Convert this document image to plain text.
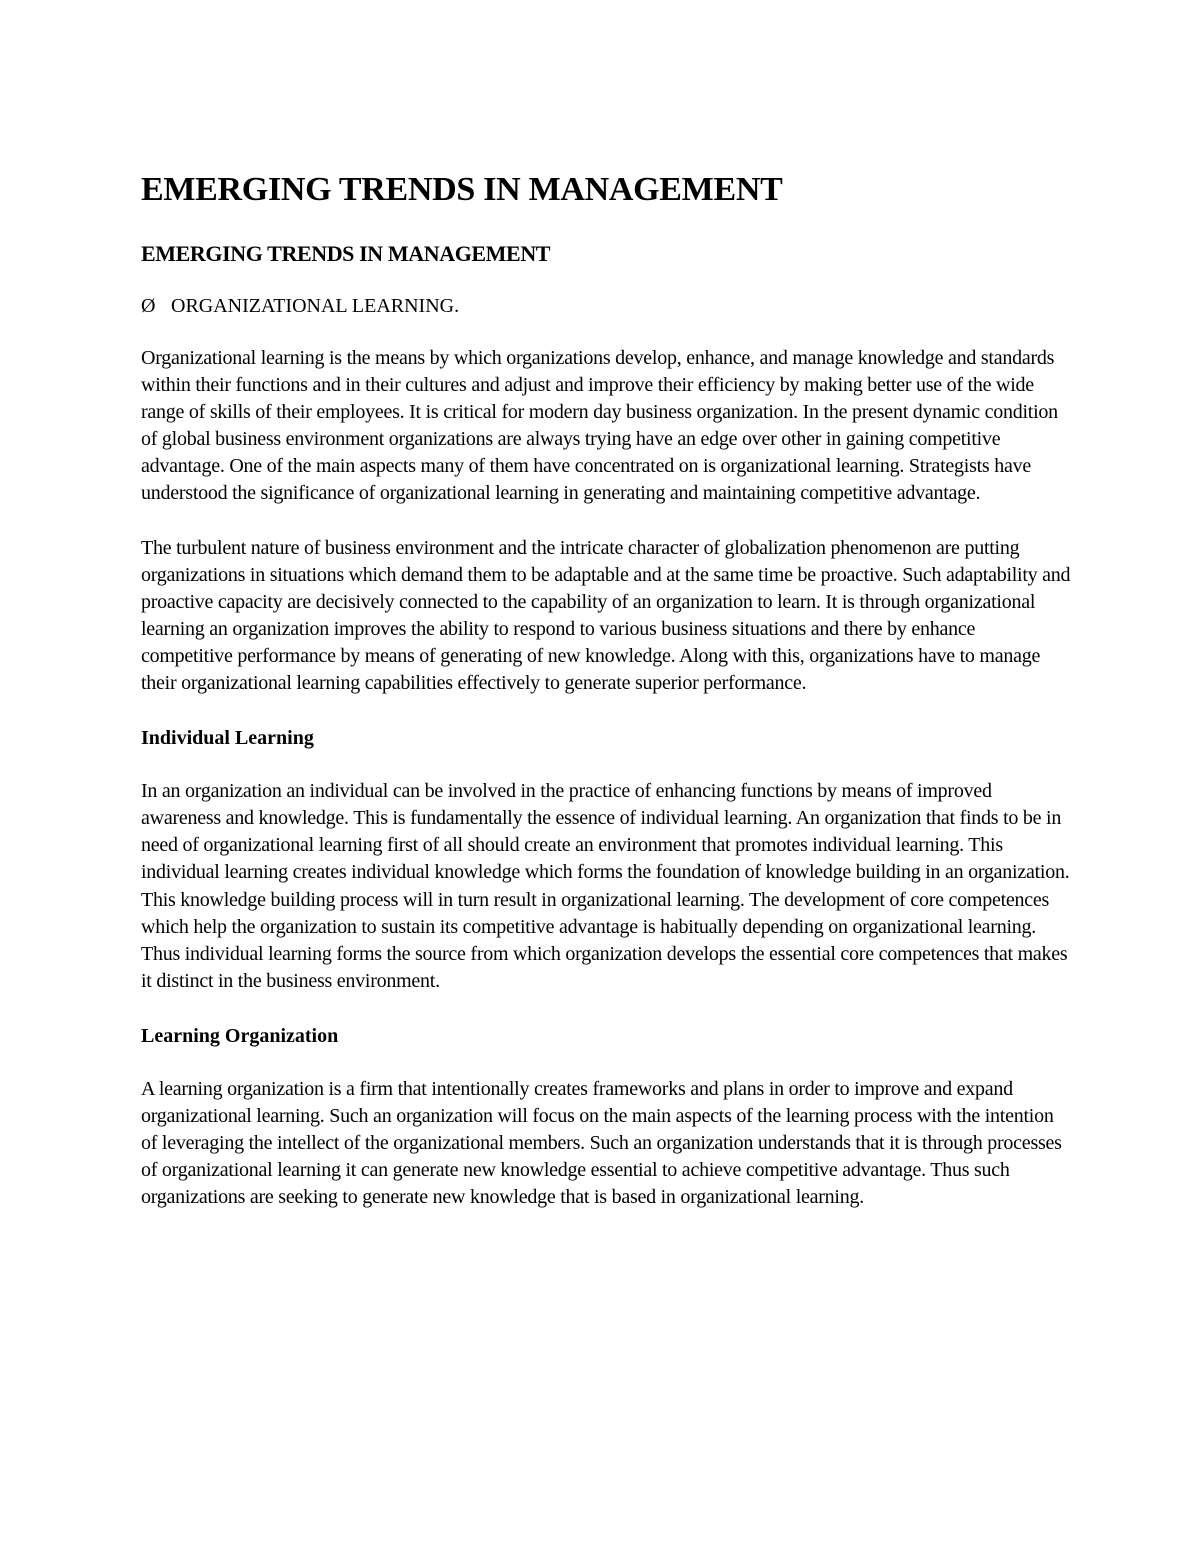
EMERGING TRENDS IN MANAGEMENT
EMERGING TRENDS IN MANAGEMENT
Ø ORGANIZATIONAL LEARNING.

Organizational learning is the means by which organizations develop, enhance, and manage knowledge and standards within their functions and in their cultures and adjust and improve their efficiency by making better use of the wide range of skills of their employees. It is critical for modern day business organization. In the present dynamic condition of global business environment organizations are always trying have an edge over other in gaining competitive advantage. One of the main aspects many of them have concentrated on is organizational learning. Strategists have understood the significance of organizational learning in generating and maintaining competitive advantage.

The turbulent nature of business environment and the intricate character of globalization phenomenon are putting organizations in situations which demand them to be adaptable and at the same time be proactive. Such adaptability and proactive capacity are decisively connected to the capability of an organization to learn. It is through organizational learning an organization improves the ability to respond to various business situations and there by enhance competitive performance by means of generating of new knowledge. Along with this, organizations have to manage their organizational learning capabilities effectively to generate superior performance.

Individual Learning

In an organization an individual can be involved in the practice of enhancing functions by means of improved awareness and knowledge. This is fundamentally the essence of individual learning. An organization that finds to be in need of organizational learning first of all should create an environment that promotes individual learning. This individual learning creates individual knowledge which forms the foundation of knowledge building in an organization. This knowledge building process will in turn result in organizational learning. The development of core competences which help the organization to sustain its competitive advantage is habitually depending on organizational learning. Thus individual learning forms the source from which organization develops the essential core competences that makes it distinct in the business environment.

Learning Organization

A learning organization is a firm that intentionally creates frameworks and plans in order to improve and expand organizational learning. Such an organization will focus on the main aspects of the learning process with the intention of leveraging the intellect of the organizational members. Such an organization understands that it is through processes of organizational learning it can generate new knowledge essential to achieve competitive advantage. Thus such organizations are seeking to generate new knowledge that is based in organizational learning.
